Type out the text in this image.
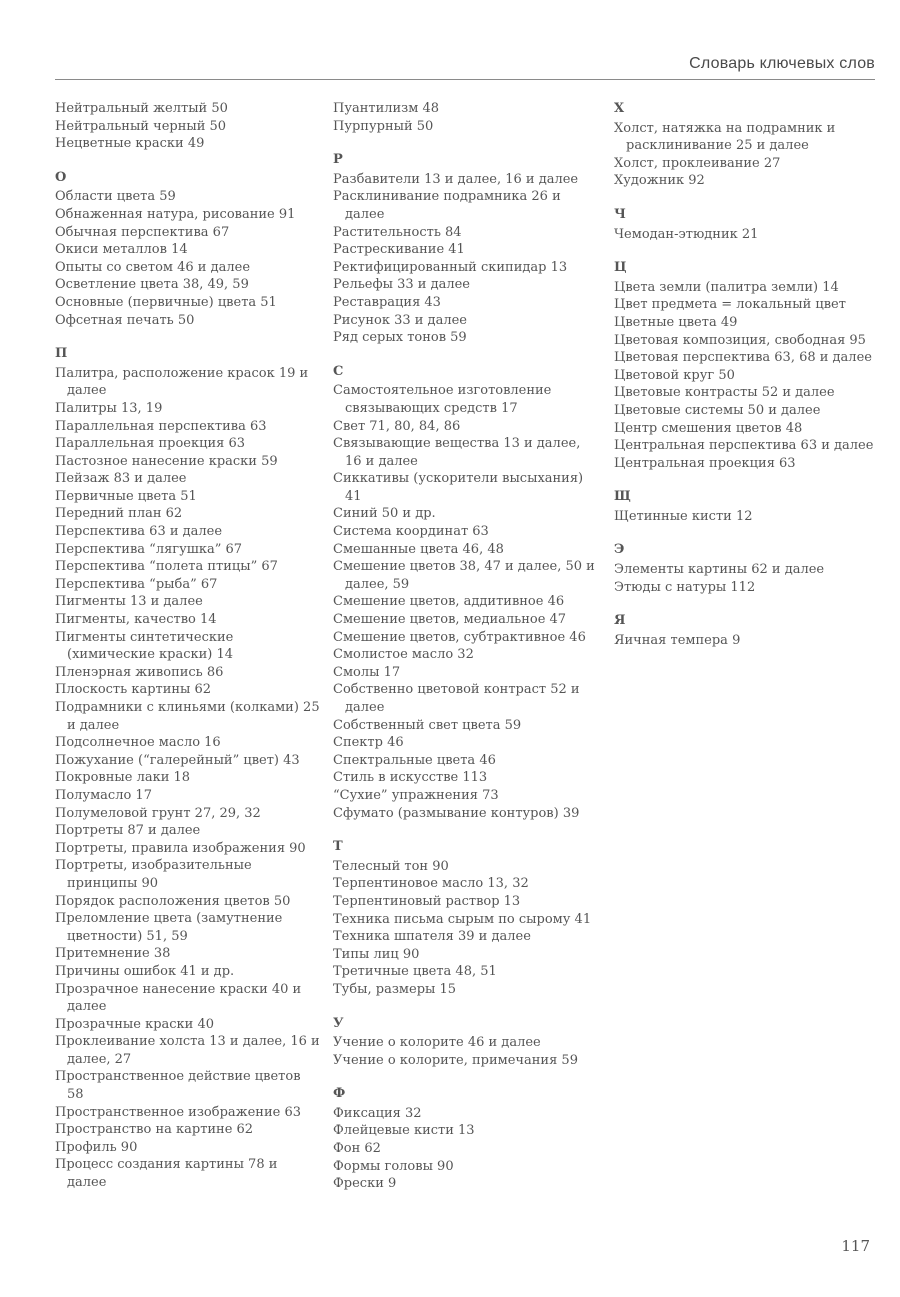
Словарь ключевых слов
Нейтральный желтый 50
Нейтральный черный 50
Нецветные краски 49
О
Области цвета 59
Обнаженная натура, рисование 91
Обычная перспектива 67
Окиси металлов 14
Опыты со светом 46 и далее
Осветление цвета 38, 49, 59
Основные (первичные) цвета 51
Офсетная печать 50
П
Палитра, расположение красок 19 и далее
Палитры 13, 19
Параллельная перспектива 63
Параллельная проекция 63
Пастозное нанесение краски 59
Пейзаж 83 и далее
Первичные цвета 51
Передний план 62
Перспектива 63 и далее
Перспектива “лягушка” 67
Перспектива “полета птицы” 67
Перспектива “рыба” 67
Пигменты 13 и далее
Пигменты, качество 14
Пигменты синтетические (химические краски) 14
Пленэрная живопись 86
Плоскость картины 62
Подрамники с клиньями (колками) 25 и далее
Подсолнечное масло 16
Пожухание (“галерейный” цвет) 43
Покровные лаки 18
Полумасло 17
Полумеловой грунт 27, 29, 32
Портреты 87 и далее
Портреты, правила изображения 90
Портреты, изобразительные принципы 90
Порядок расположения цветов 50
Преломление цвета (замутнение цветности) 51, 59
Притемнение 38
Причины ошибок 41 и др.
Прозрачное нанесение краски 40 и далее
Прозрачные краски 40
Проклеивание холста 13 и далее, 16 и далее, 27
Пространственное действие цветов 58
Пространственное изображение 63
Пространство на картине 62
Профиль 90
Процесс создания картины 78 и далее
Пуантилизм 48
Пурпурный 50
Р
Разбавители 13 и далее, 16 и далее
Расклинивание подрамника 26 и далее
Растительность 84
Растрескивание 41
Ректифицированный скипидар 13
Рельефы 33 и далее
Реставрация 43
Рисунок 33 и далее
Ряд серых тонов 59
С
Самостоятельное изготовление связывающих средств 17
Свет 71, 80, 84, 86
Связывающие вещества 13 и далее, 16 и далее
Сиккативы (ускорители высыхания) 41
Синий 50 и др.
Система координат 63
Смешанные цвета 46, 48
Смешение цветов 38, 47 и далее, 50 и далее, 59
Смешение цветов, аддитивное 46
Смешение цветов, медиальное 47
Смешение цветов, субтрактивное 46
Смолистое масло 32
Смолы 17
Собственно цветовой контраст 52 и далее
Собственный свет цвета 59
Спектр 46
Спектральные цвета 46
Стиль в искусстве 113
“Сухие” упражнения 73
Сфумато (размывание контуров) 39
Т
Телесный тон 90
Терпентиновое масло 13, 32
Терпентиновый раствор 13
Техника письма сырым по сырому 41
Техника шпателя 39 и далее
Типы лиц 90
Третичные цвета 48, 51
Тубы, размеры 15
У
Учение о колорите 46 и далее
Учение о колорите, примечания 59
Ф
Фиксация 32
Флейцевые кисти 13
Фон 62
Формы головы 90
Фрески 9
Х
Холст, натяжка на подрамник и расклинивание 25 и далее
Холст, проклеивание 27
Художник 92
Ч
Чемодан-этюдник 21
Ц
Цвета земли (палитра земли) 14
Цвет предмета = локальный цвет
Цветные цвета 49
Цветовая композиция, свободная 95
Цветовая перспектива 63, 68 и далее
Цветовой круг 50
Цветовые контрасты 52 и далее
Цветовые системы 50 и далее
Центр смешения цветов 48
Центральная перспектива 63 и далее
Центральная проекция 63
Щ
Щетинные кисти 12
Э
Элементы картины 62 и далее
Этюды с натуры 112
Я
Яичная темпера 9
117
